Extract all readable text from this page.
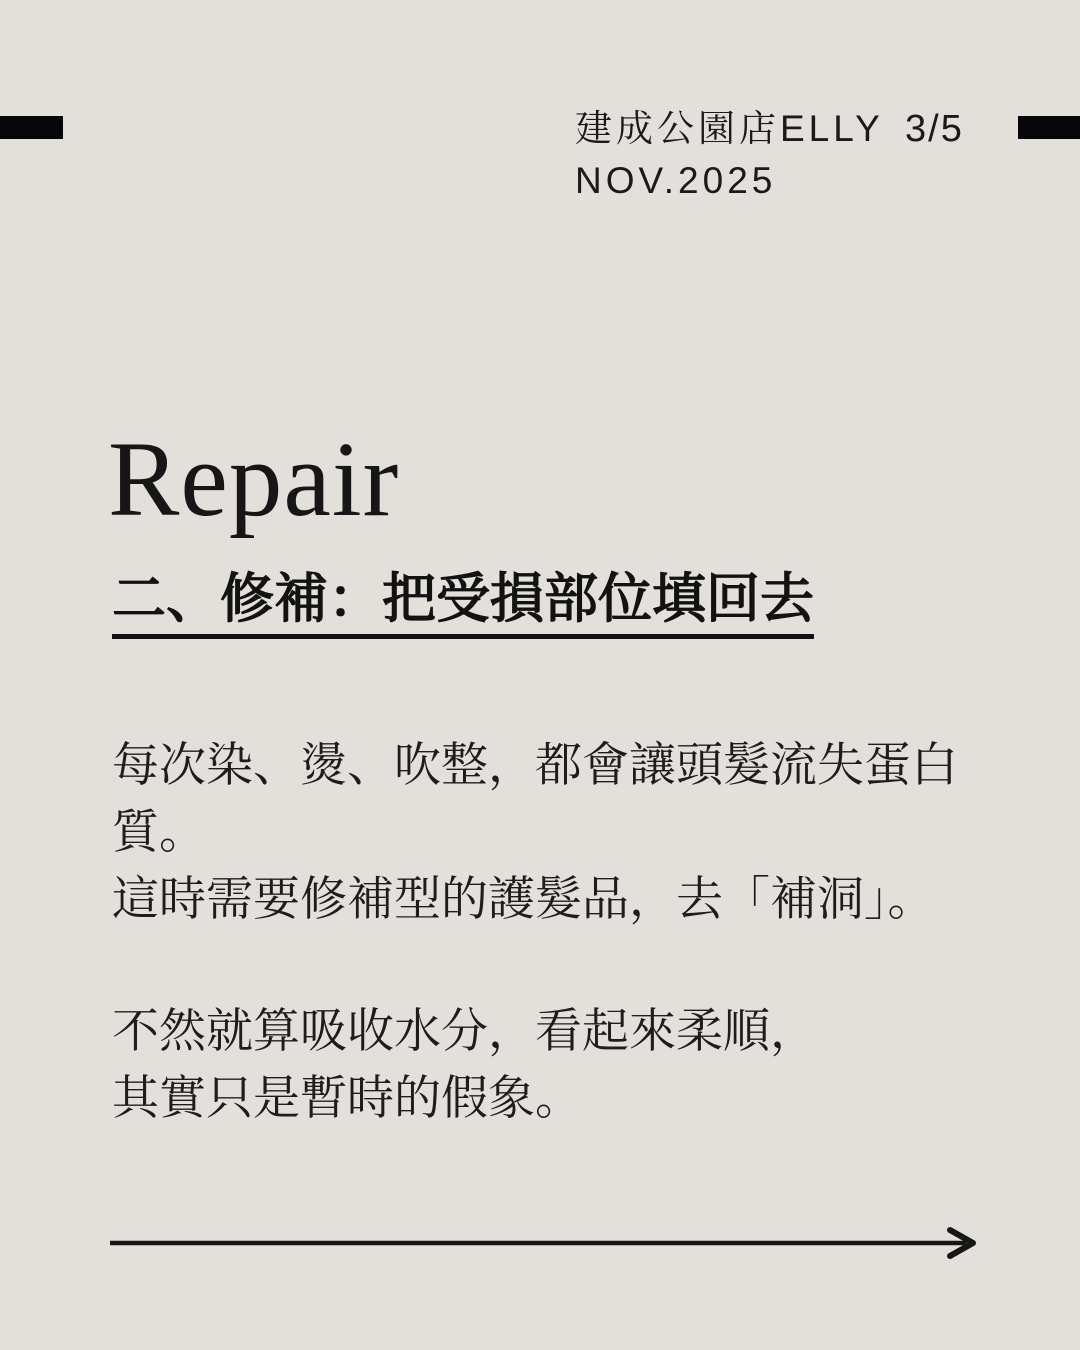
建成公園店ELLY
NOV.2025
3/5
Repair
二、修補：把受損部位填回去
每次染、燙、吹整，都會讓頭髮流失蛋白
質。
這時需要修補型的護髮品，去「補洞」。
不然就算吸收水分，看起來柔順，
其實只是暫時的假象。
